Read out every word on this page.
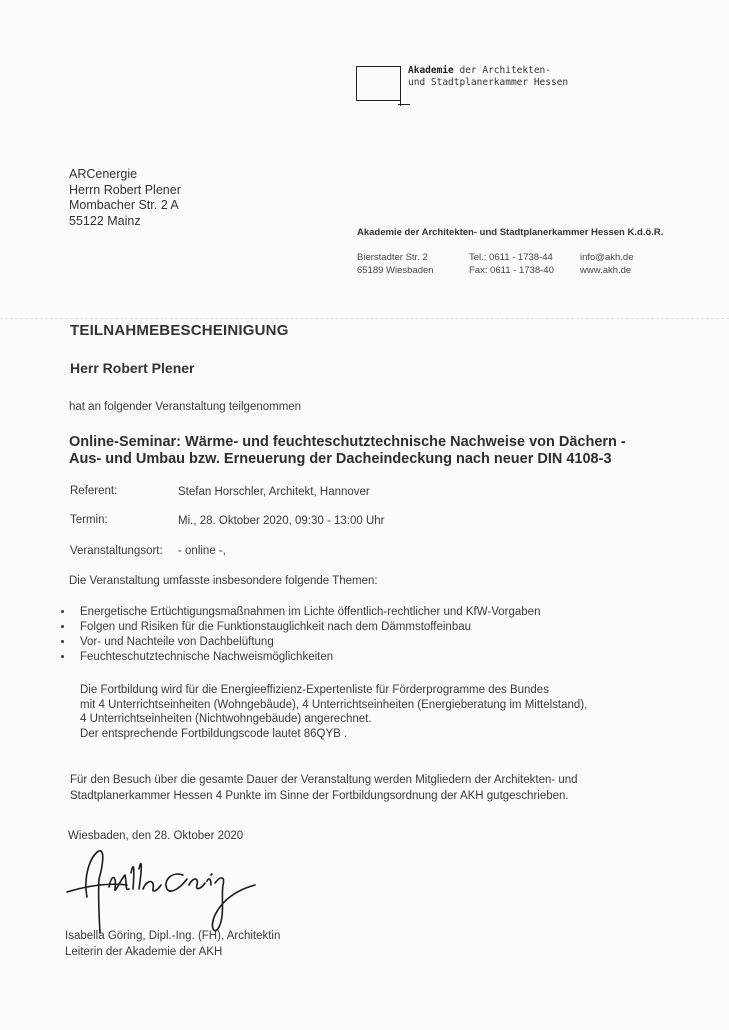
Akademie der Architekten-
und Stadtplanerkammer Hessen
ARCenergie
Herrn Robert Plener
Mombacher Str. 2 A
55122 Mainz
Akademie der Architekten- und Stadtplanerkammer Hessen K.d.ö.R.
Bierstadter Str. 2
65189 Wiesbaden
Tel.: 0611 - 1738-44
Fax: 0611 - 1738-40
info@akh.de
www.akh.de
TEILNAHMEBESCHEINIGUNG
Herr Robert Plener
hat an folgender Veranstaltung teilgenommen
Online-Seminar: Wärme- und feuchteschutztechnische Nachweise von Dächern -
Aus- und Umbau bzw. Erneuerung der Dacheindeckung nach neuer DIN 4108-3
Referent:	Stefan Horschler, Architekt, Hannover
Termin:	Mi., 28. Oktober 2020, 09:30 - 13:00 Uhr
Veranstaltungsort: - online -,
Die Veranstaltung umfasste insbesondere folgende Themen:
• Energetische Ertüchtigungsmaßnahmen im Lichte öffentlich-rechtlicher und KfW-Vorgaben
• Folgen und Risiken für die Funktionstauglichkeit nach dem Dämmstoffeinbau
• Vor- und Nachteile von Dachbelüftung
• Feuchteschutztechnische Nachweismöglichkeiten
Die Fortbildung wird für die Energieeffizienz-Expertenliste für Förderprogramme des Bundes
mit 4 Unterrichtseinheiten (Wohngebäude), 4 Unterrichtseinheiten (Energieberatung im Mittelstand),
4 Unterrichtseinheiten (Nichtwohngebäude) angerechnet.
Der entsprechende Fortbildungscode lautet 86QYB .
Für den Besuch über die gesamte Dauer der Veranstaltung werden Mitgliedern der Architekten- und
Stadtplanerkammer Hessen 4 Punkte im Sinne der Fortbildungsordnung der AKH gutgeschrieben.
Wiesbaden, den 28. Oktober 2020
Isabella Göring, Dipl.-Ing. (FH), Architektin
Leiterin der Akademie der AKH
